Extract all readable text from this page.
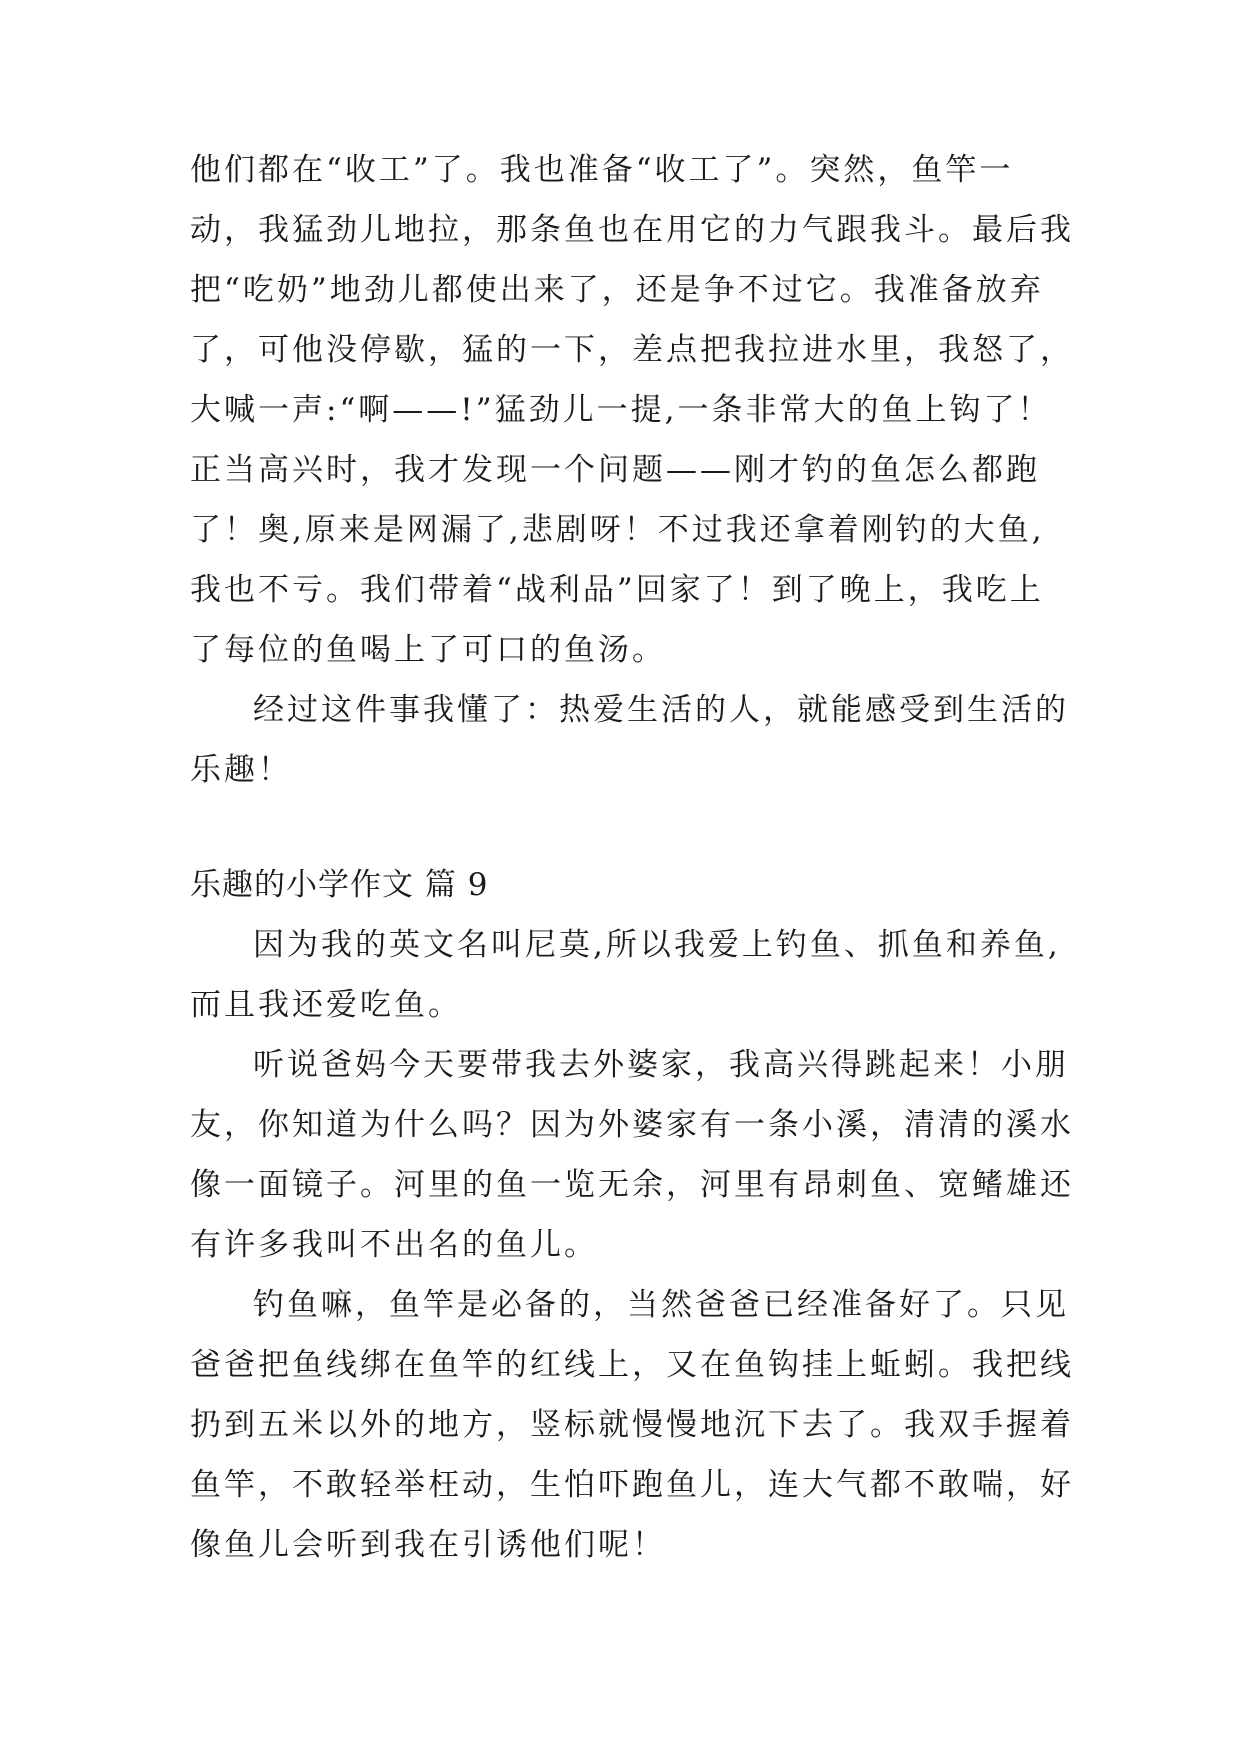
他们都在“收工”了。我也准备“收工了”。突然，鱼竿一
动，我猛劲儿地拉，那条鱼也在用它的力气跟我斗。最后我
把“吃奶”地劲儿都使出来了，还是争不过它。我准备放弃
了，可他没停歇，猛的一下，差点把我拉进水里，我怒了，
大喊一声:“啊——!”猛劲儿一提,一条非常大的鱼上钩了！
正当高兴时，我才发现一个问题——刚才钓的鱼怎么都跑
了！奥,原来是网漏了,悲剧呀！不过我还拿着刚钓的大鱼,
我也不亏。我们带着“战利品”回家了！到了晚上，我吃上
了每位的鱼喝上了可口的鱼汤。
经过这件事我懂了：热爱生活的人，就能感受到生活的
乐趣！
乐趣的小学作文 篇 9
因为我的英文名叫尼莫,所以我爱上钓鱼、抓鱼和养鱼,
而且我还爱吃鱼。
听说爸妈今天要带我去外婆家，我高兴得跳起来！小朋
友，你知道为什么吗？因为外婆家有一条小溪，清清的溪水
像一面镜子。河里的鱼一览无余，河里有昂刺鱼、宽鳍雄还
有许多我叫不出名的鱼儿。
钓鱼嘛，鱼竿是必备的，当然爸爸已经准备好了。只见
爸爸把鱼线绑在鱼竿的红线上，又在鱼钩挂上蚯蚓。我把线
扔到五米以外的地方，竖标就慢慢地沉下去了。我双手握着
鱼竿，不敢轻举枉动，生怕吓跑鱼儿，连大气都不敢喘，好
像鱼儿会听到我在引诱他们呢！
